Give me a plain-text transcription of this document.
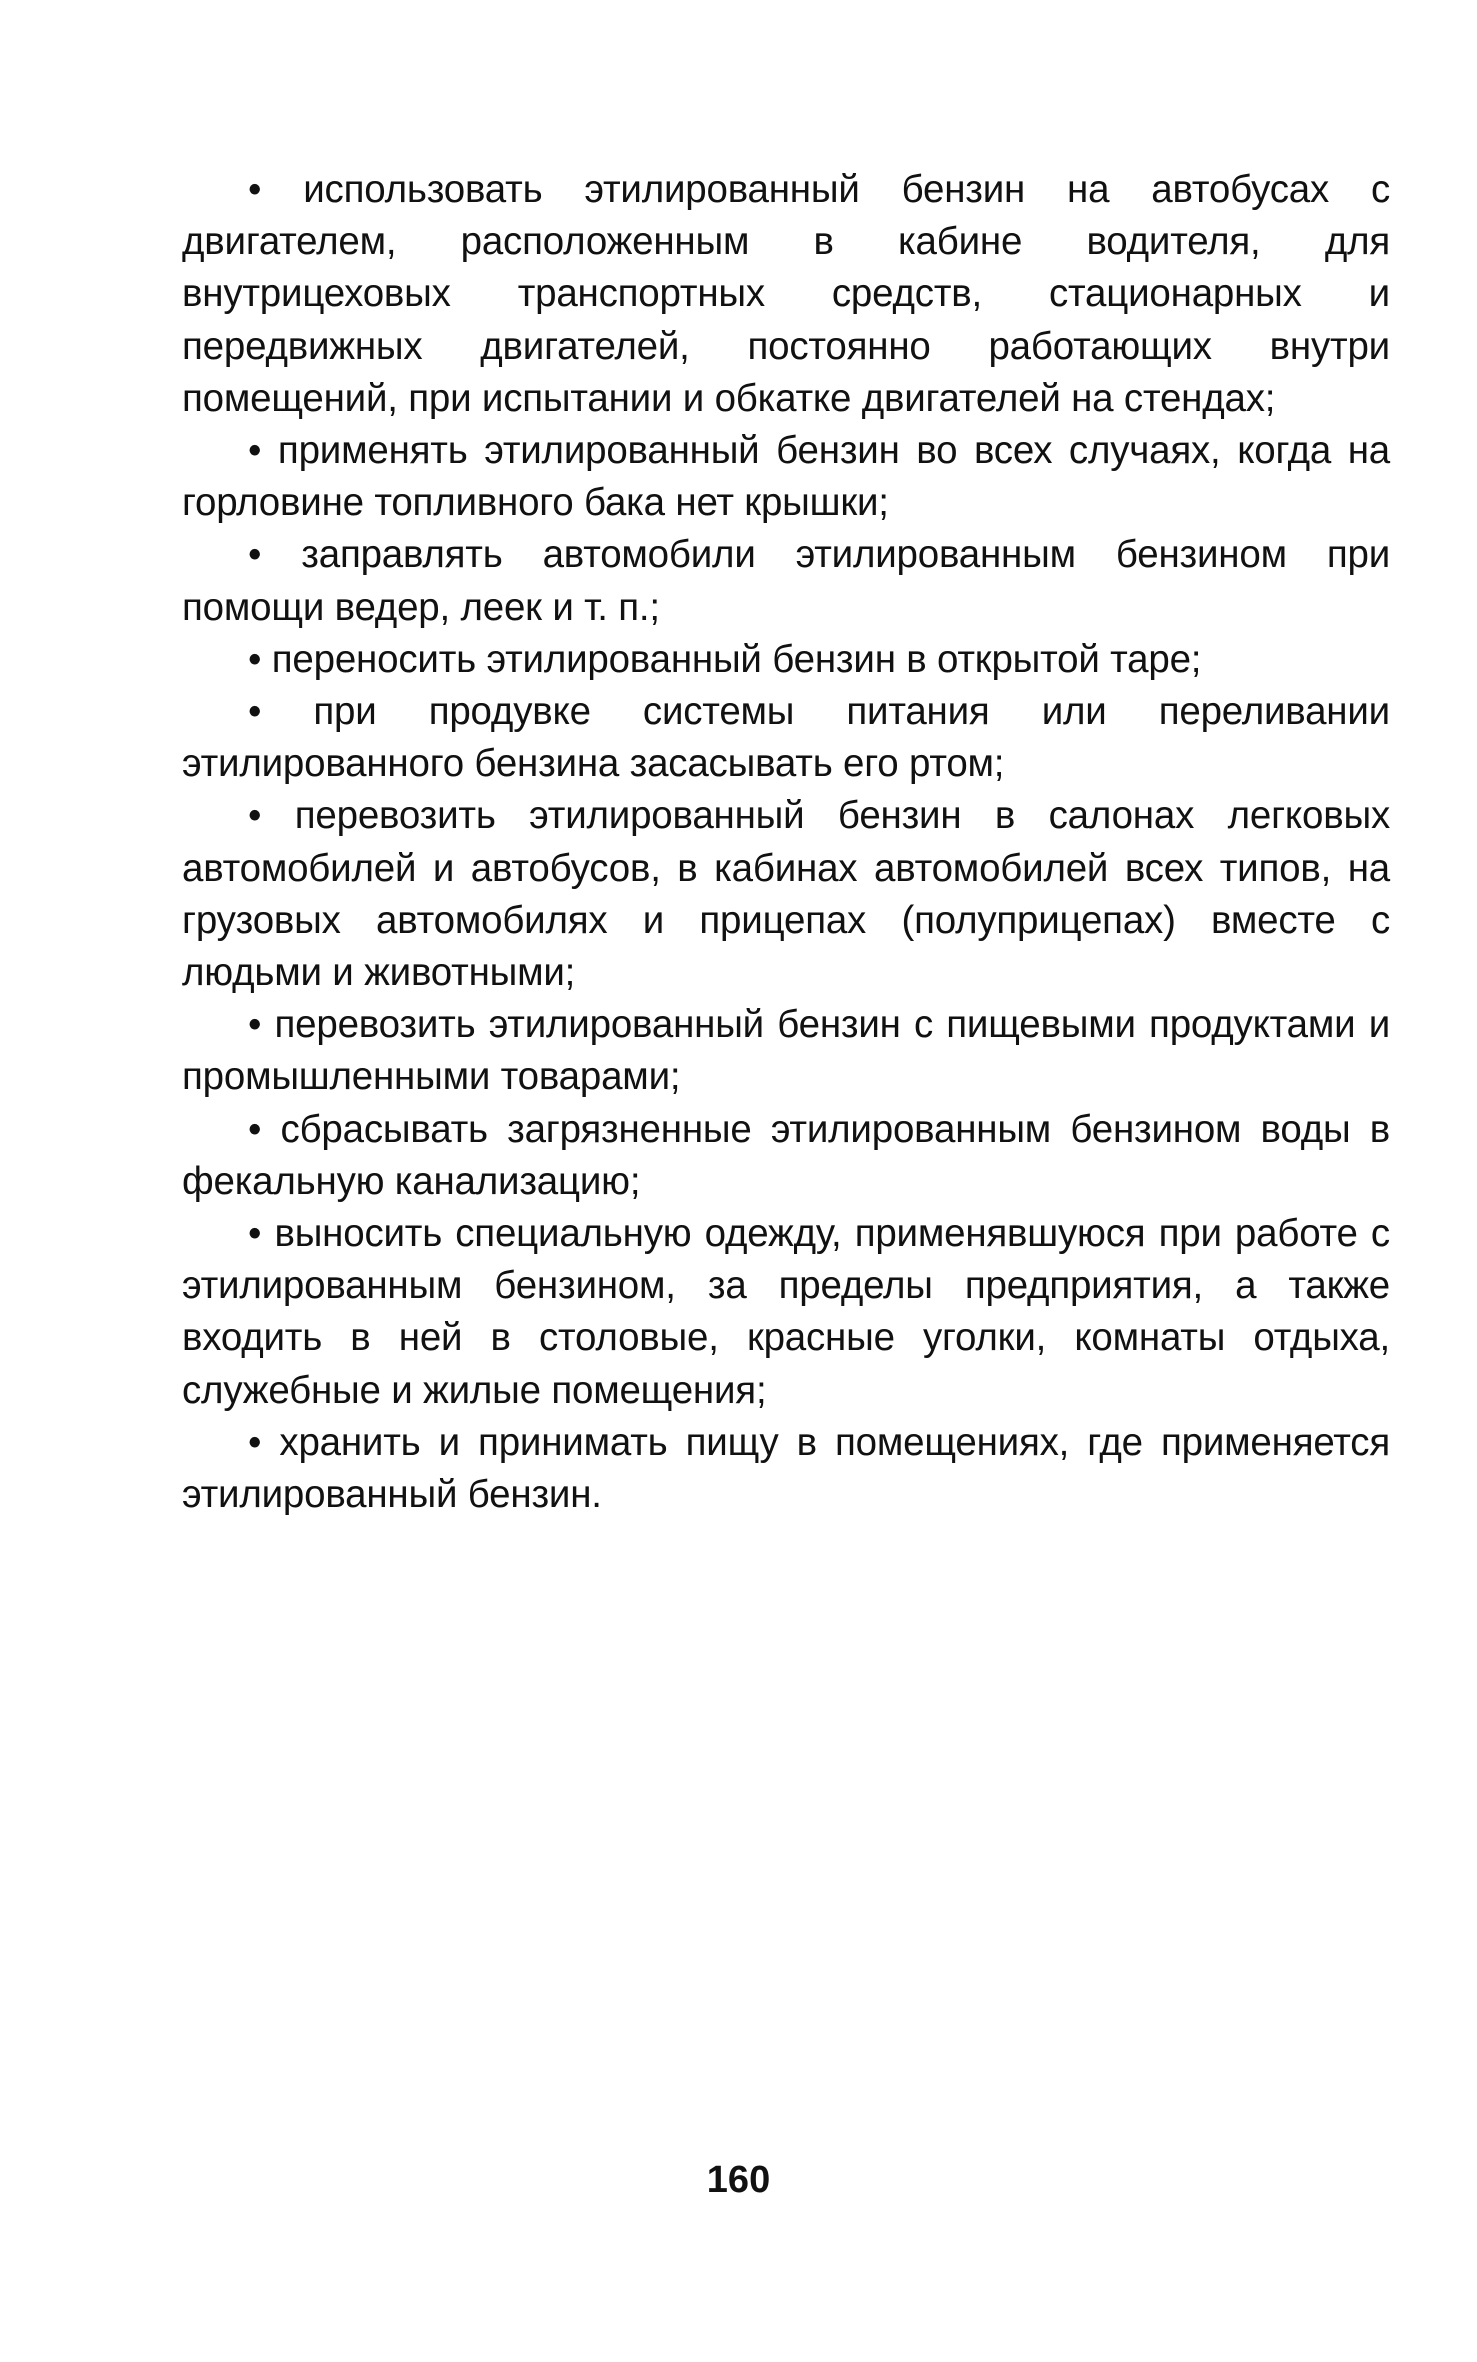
• использовать этилированный бензин на автобусах с двигателем, расположенным в кабине водителя, для внутрицеховых транспортных средств, стационарных и передвижных двигателей, постоянно работающих внутри помещений, при испытании и обкатке двигателей на стендах;

• применять этилированный бензин во всех случаях, когда на горловине топливного бака нет крышки;

• заправлять автомобили этилированным бензином при помощи ведер, леек и т. п.;

• переносить этилированный бензин в открытой таре;

• при продувке системы питания или переливании этилированного бензина засасывать его ртом;

• перевозить этилированный бензин в салонах легковых автомобилей и автобусов, в кабинах автомобилей всех типов, на грузовых автомобилях и прицепах (полуприцепах) вместе с людьми и животными;

• перевозить этилированный бензин с пищевыми продуктами и промышленными товарами;

• сбрасывать загрязненные этилированным бензином воды в фекальную канализацию;

• выносить специальную одежду, применявшуюся при работе с этилированным бензином, за пределы предприятия, а также входить в ней в столовые, красные уголки, комнаты отдыха, служебные и жилые помещения;

• хранить и принимать пищу в помещениях, где применяется этилированный бензин.

160
